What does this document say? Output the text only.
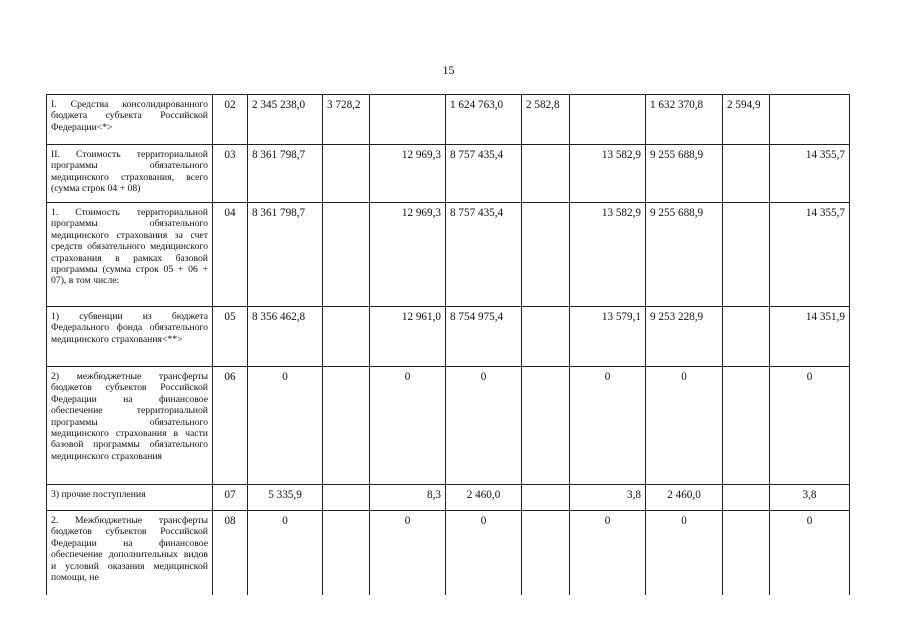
15
I. Средства консолидированного бюджета субъекта Российской Федерации<*>	02	2 345 238,0	3 728,2		1 624 763,0	2 582,8		1 632 370,8	2 594,9	
II. Стоимость территориальной программы обязательного медицинского страхования, всего (сумма строк 04 + 08)	03	8 361 798,7		12 969,3	8 757 435,4		13 582,9	9 255 688,9		14 355,7
1. Стоимость территориальной программы обязательного медицинского страхования за счет средств обязательного медицинского страхования в рамках базовой программы (сумма строк 05 + 06 + 07), в том числе:	04	8 361 798,7		12 969,3	8 757 435,4		13 582,9	9 255 688,9		14 355,7
1) субвенции из бюджета Федерального фонда обязательного медицинского страхования<**>	05	8 356 462,8		12 961,0	8 754 975,4		13 579,1	9 253 228,9		14 351,9
2) межбюджетные трансферты бюджетов субъектов Российской Федерации на финансовое обеспечение территориальной программы обязательного медицинского страхования в части базовой программы обязательного медицинского страхования	06	0		0	0		0	0		0
3) прочие поступления	07	5 335,9		8,3	2 460,0		3,8	2 460,0		3,8
2. Межбюджетные трансферты бюджетов субъектов Российской Федерации на финансовое обеспечение дополнительных видов и условий оказания медицинской помощи, не	08	0		0	0		0	0		0
